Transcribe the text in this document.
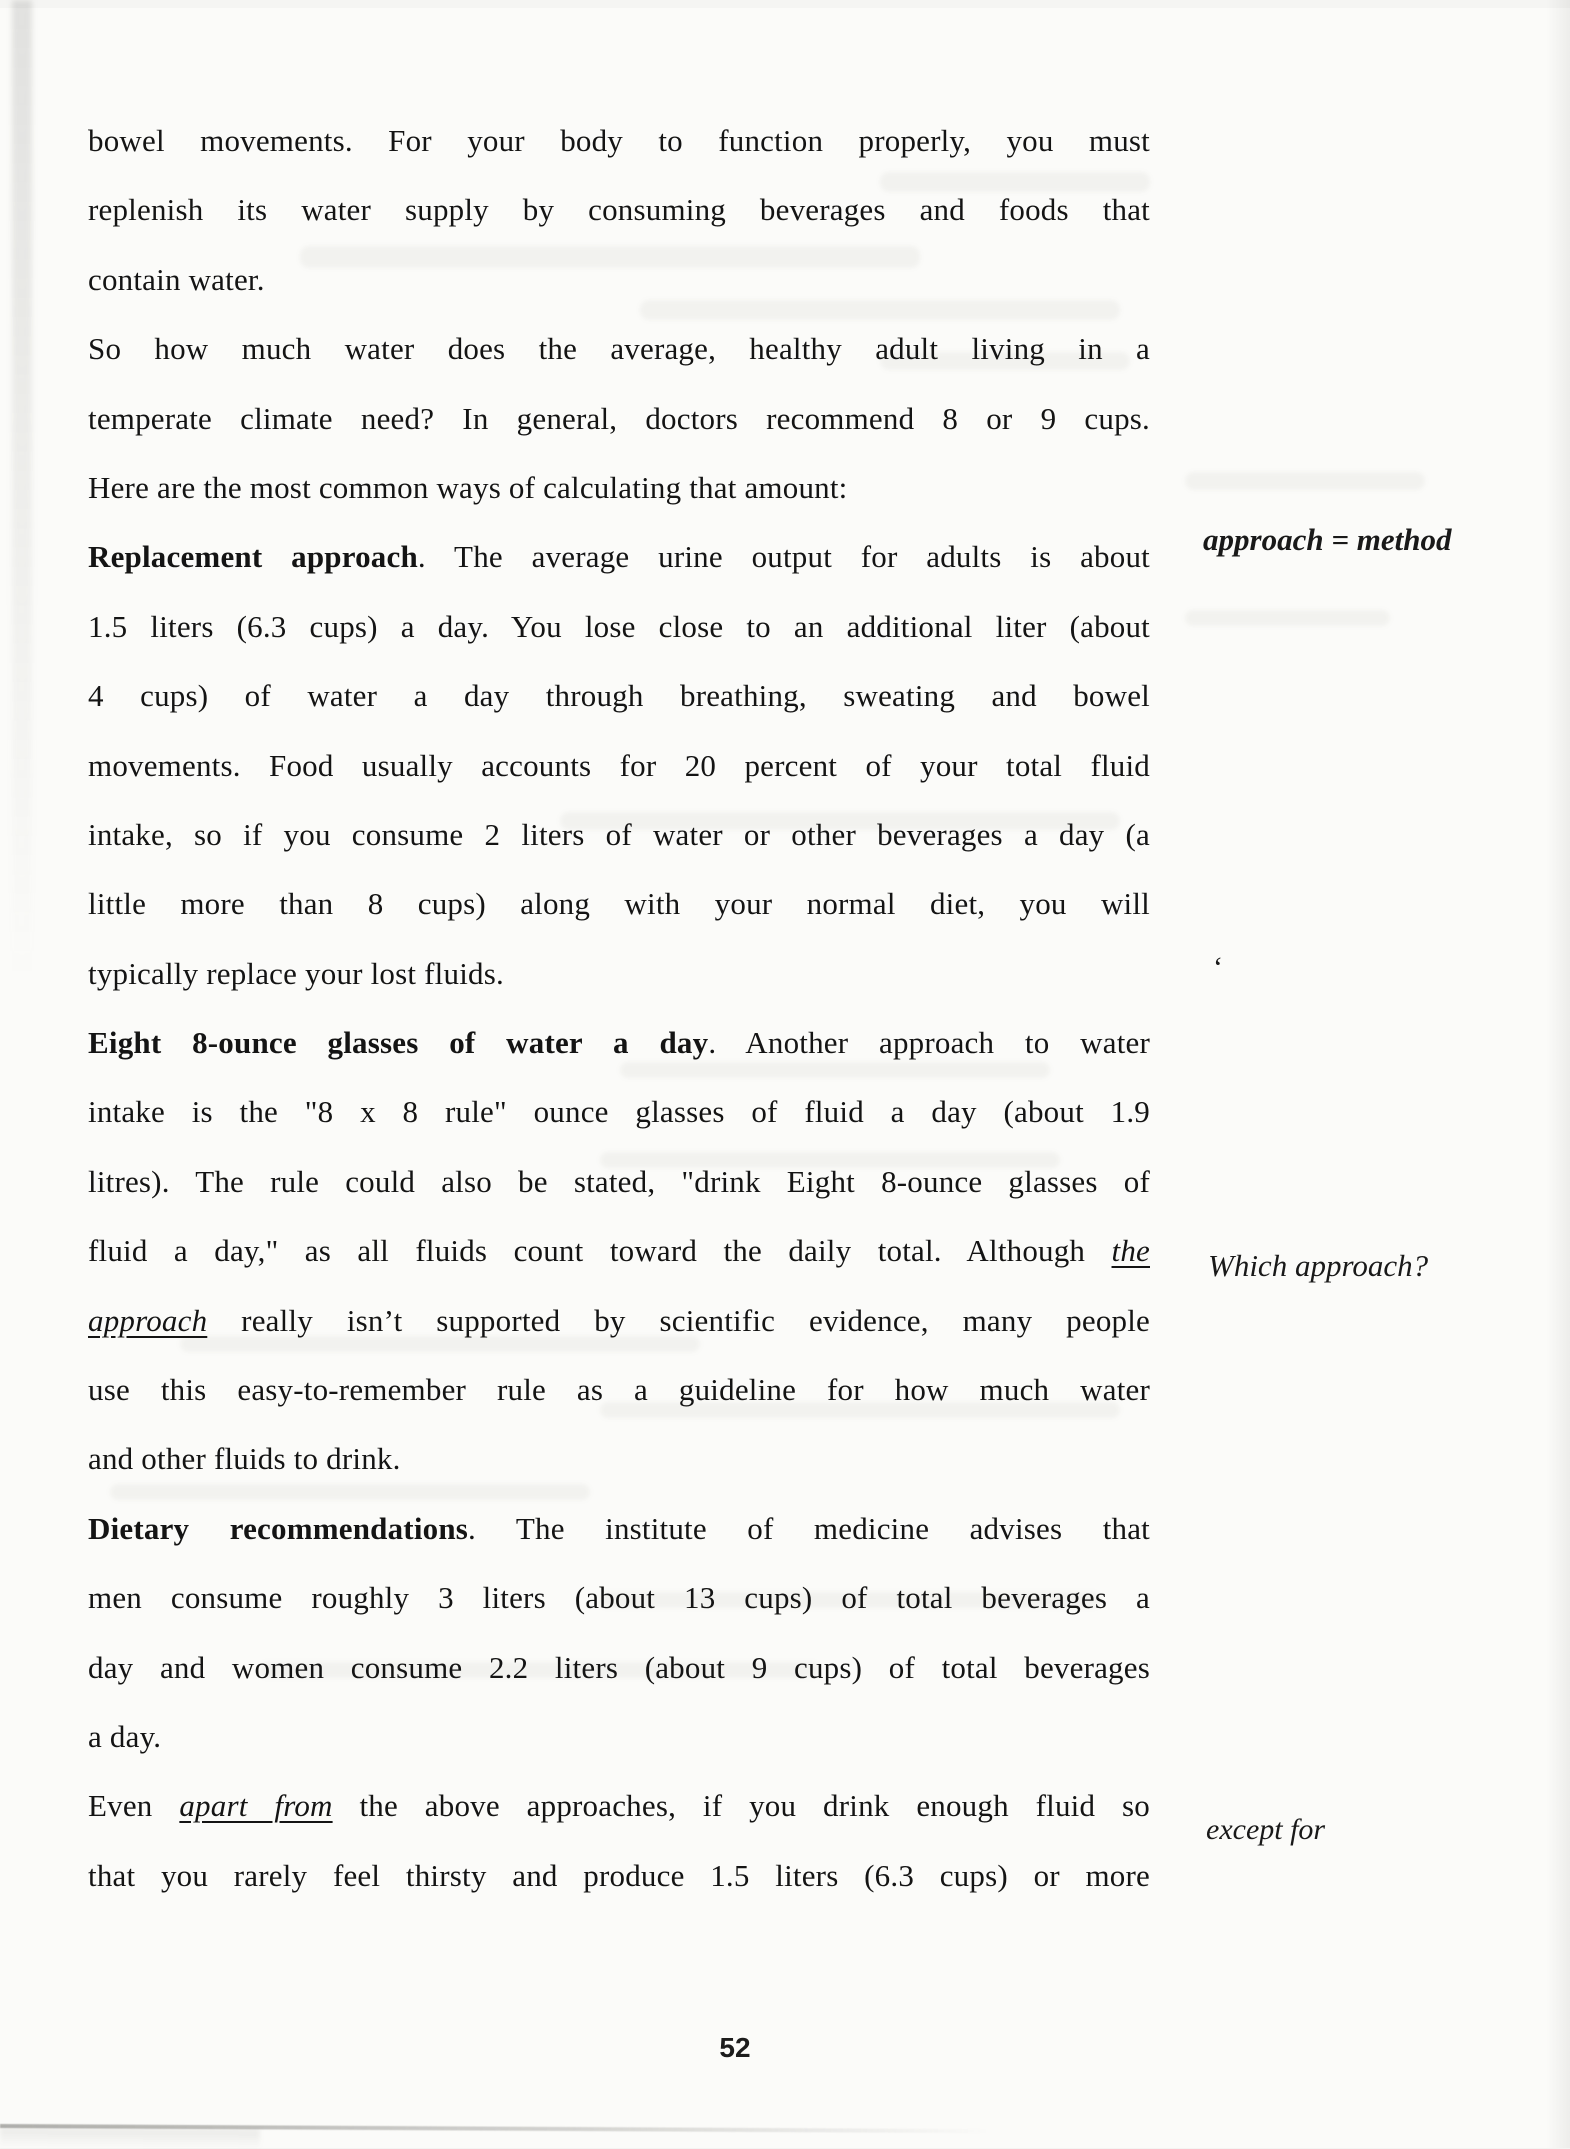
bowel movements. For your body to function properly, you must
replenish its water supply by consuming beverages and foods that
contain water.
So how much water does the average, healthy adult living in a
temperate climate need? In general, doctors recommend 8 or 9 cups.
Here are the most common ways of calculating that amount:
Replacement approach. The average urine output for adults is about
1.5 liters (6.3 cups) a day. You lose close to an additional liter (about
4 cups) of water a day through breathing, sweating and bowel
movements. Food usually accounts for 20 percent of your total fluid
intake, so if you consume 2 liters of water or other beverages a day (a
little more than 8 cups) along with your normal diet, you will
typically replace your lost fluids.
Eight 8-ounce glasses of water a day. Another approach to water
intake is the "8 x 8 rule" ounce glasses of fluid a day (about 1.9
litres). The rule could also be stated, "drink Eight 8-ounce glasses of
fluid a day," as all fluids count toward the daily total. Although the
approach really isn’t supported by scientific evidence, many people
use this easy-to-remember rule as a guideline for how much water
and other fluids to drink.
Dietary recommendations. The institute of medicine advises that
men consume roughly 3 liters (about 13 cups) of total beverages a
day and women consume 2.2 liters (about 9 cups) of total beverages
a day.
Even apart from the above approaches, if you drink enough fluid so
that you rarely feel thirsty and produce 1.5 liters (6.3 cups) or more
approach = method
‘
Which approach?
except for
52
